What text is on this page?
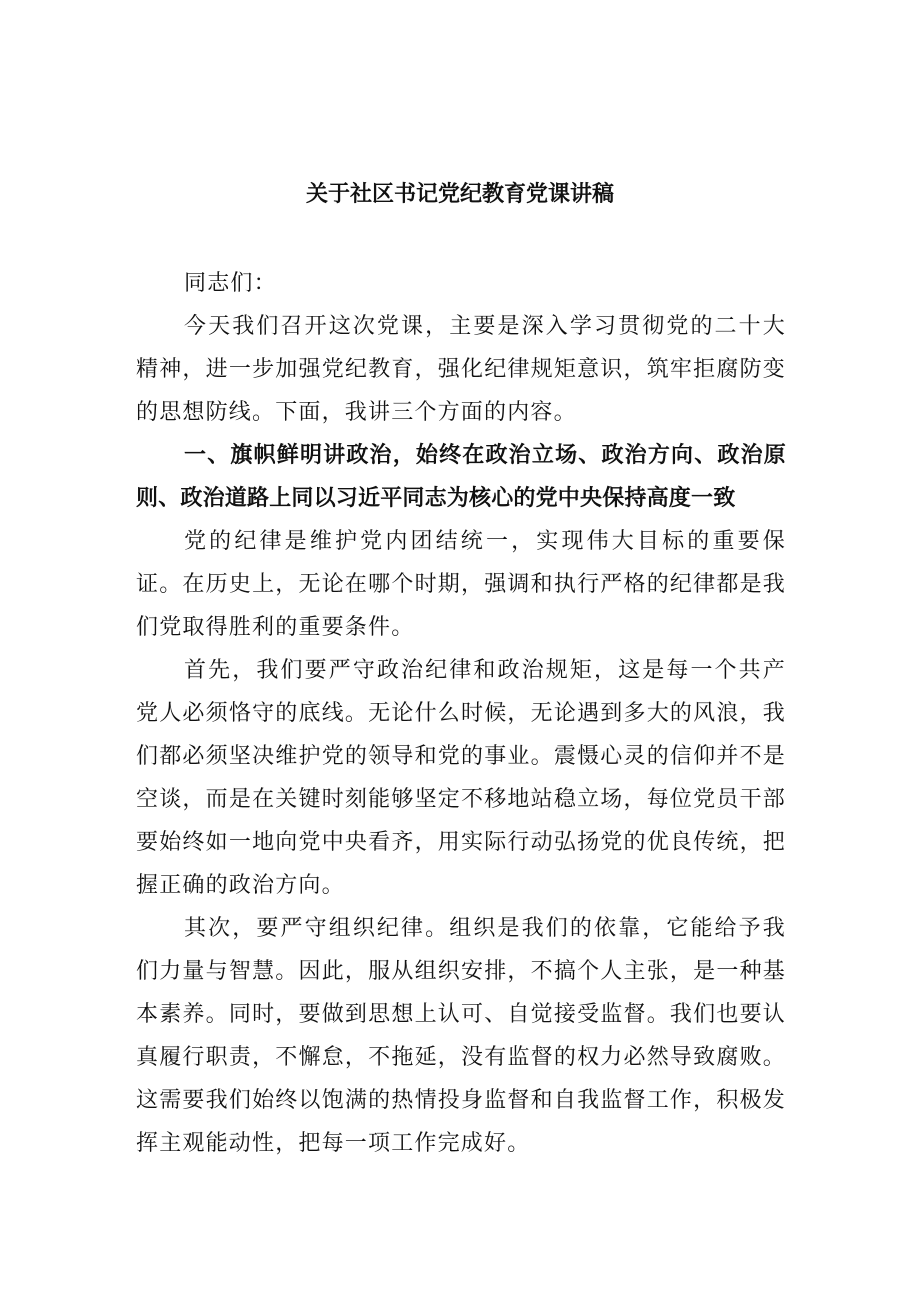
关于社区书记党纪教育党课讲稿

同志们：

今天我们召开这次党课，主要是深入学习贯彻党的二十大精神，进一步加强党纪教育，强化纪律规矩意识，筑牢拒腐防变的思想防线。下面，我讲三个方面的内容。

一、旗帜鲜明讲政治，始终在政治立场、政治方向、政治原则、政治道路上同以习近平同志为核心的党中央保持高度一致

党的纪律是维护党内团结统一，实现伟大目标的重要保证。在历史上，无论在哪个时期，强调和执行严格的纪律都是我们党取得胜利的重要条件。

首先，我们要严守政治纪律和政治规矩，这是每一个共产党人必须恪守的底线。无论什么时候，无论遇到多大的风浪，我们都必须坚决维护党的领导和党的事业。震慑心灵的信仰并不是空谈，而是在关键时刻能够坚定不移地站稳立场，每位党员干部要始终如一地向党中央看齐，用实际行动弘扬党的优良传统，把握正确的政治方向。

其次，要严守组织纪律。组织是我们的依靠，它能给予我们力量与智慧。因此，服从组织安排，不搞个人主张，是一种基本素养。同时，要做到思想上认可、自觉接受监督。我们也要认真履行职责，不懈怠，不拖延，没有监督的权力必然导致腐败。这需要我们始终以饱满的热情投身监督和自我监督工作，积极发挥主观能动性，把每一项工作完成好。
